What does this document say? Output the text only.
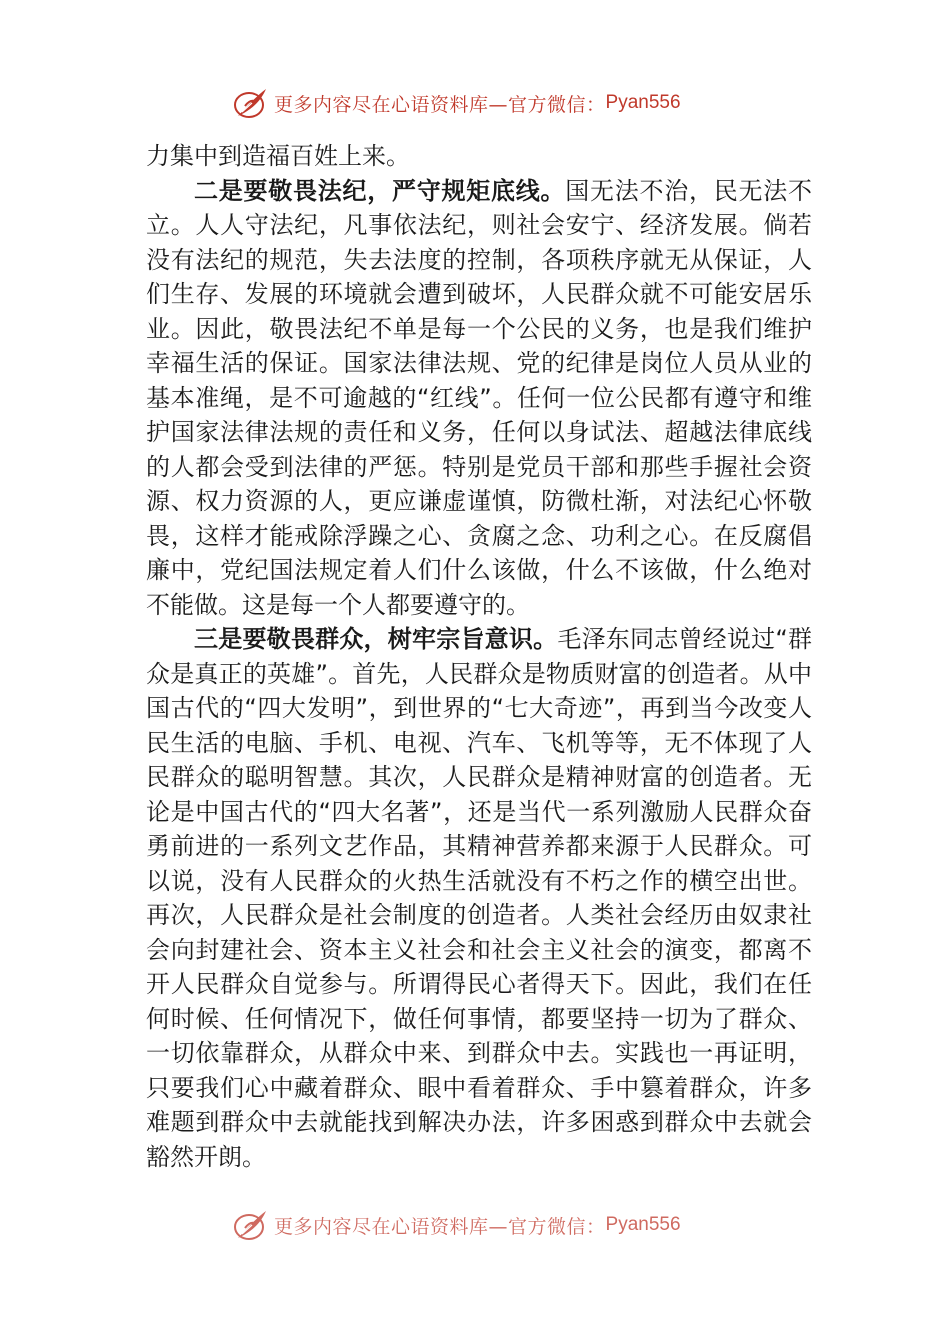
更多内容尽在心语资料库—官方微信： Pyan556

力集中到造福百姓上来。

二是要敬畏法纪，严守规矩底线。国无法不治，民无法不立。人人守法纪，凡事依法纪，则社会安宁、经济发展。倘若没有法纪的规范，失去法度的控制，各项秩序就无从保证，人们生存、发展的环境就会遭到破坏，人民群众就不可能安居乐业。因此，敬畏法纪不单是每一个公民的义务，也是我们维护幸福生活的保证。国家法律法规、党的纪律是岗位人员从业的基本准绳，是不可逾越的“红线”。任何一位公民都有遵守和维护国家法律法规的责任和义务，任何以身试法、超越法律底线的人都会受到法律的严惩。特别是党员干部和那些手握社会资源、权力资源的人，更应谦虚谨慎，防微杜渐，对法纪心怀敬畏，这样才能戒除浮躁之心、贪腐之念、功利之心。在反腐倡廉中，党纪国法规定着人们什么该做，什么不该做，什么绝对不能做。这是每一个人都要遵守的。

三是要敬畏群众，树牢宗旨意识。毛泽东同志曾经说过“群众是真正的英雄”。首先，人民群众是物质财富的创造者。从中国古代的“四大发明”，到世界的“七大奇迹”，再到当今改变人民生活的电脑、手机、电视、汽车、飞机等等，无不体现了人民群众的聪明智慧。其次，人民群众是精神财富的创造者。无论是中国古代的“四大名著”，还是当代一系列激励人民群众奋勇前进的一系列文艺作品，其精神营养都来源于人民群众。可以说，没有人民群众的火热生活就没有不朽之作的横空出世。再次，人民群众是社会制度的创造者。人类社会经历由奴隶社会向封建社会、资本主义社会和社会主义社会的演变，都离不开人民群众自觉参与。所谓得民心者得天下。因此，我们在任何时候、任何情况下，做任何事情，都要坚持一切为了群众、一切依靠群众，从群众中来、到群众中去。实践也一再证明，只要我们心中藏着群众、眼中看着群众、手中篡着群众，许多难题到群众中去就能找到解决办法，许多困惑到群众中去就会豁然开朗。

更多内容尽在心语资料库—官方微信： Pyan556
